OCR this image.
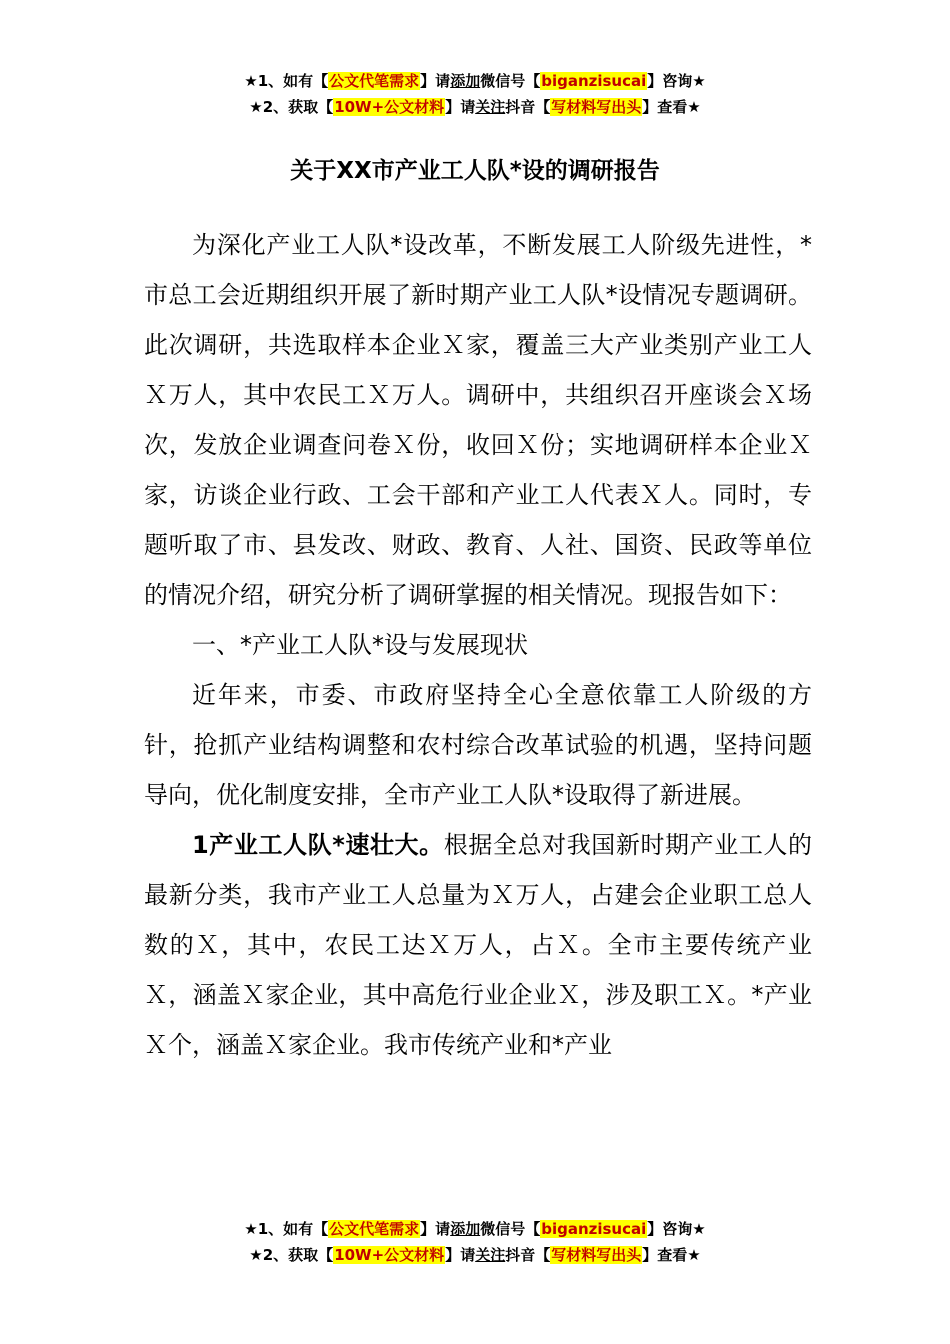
★1、如有【公文代笔需求】请添加微信号【biganzisucai】咨询★
★2、获取【10W+公文材料】请关注抖音【写材料写出头】查看★
关于XX市产业工人队*设的调研报告

为深化产业工人队*设改革，不断发展工人阶级先进性，*市总工会近期组织开展了新时期产业工人队*设情况专题调研。此次调研，共选取样本企业Ｘ家，覆盖三大产业类别产业工人Ｘ万人，其中农民工Ｘ万人。调研中，共组织召开座谈会Ｘ场次，发放企业调查问卷Ｘ份，收回Ｘ份；实地调研样本企业Ｘ家，访谈企业行政、工会干部和产业工人代表Ｘ人。同时，专题听取了市、县发改、财政、教育、人社、国资、民政等单位的情况介绍，研究分析了调研掌握的相关情况。现报告如下：

一、*产业工人队*设与发展现状

近年来，市委、市政府坚持全心全意依靠工人阶级的方针，抢抓产业结构调整和农村综合改革试验的机遇，坚持问题导向，优化制度安排，全市产业工人队*设取得了新进展。

1产业工人队*速壮大。根据全总对我国新时期产业工人的最新分类，我市产业工人总量为Ｘ万人，占建会企业职工总人数的Ｘ，其中，农民工达Ｘ万人，占Ｘ。全市主要传统产业Ｘ，涵盖Ｘ家企业，其中高危行业企业Ｘ，涉及职工Ｘ。*产业Ｘ个，涵盖Ｘ家企业。我市传统产业和*产业

★1、如有【公文代笔需求】请添加微信号【biganzisucai】咨询★
★2、获取【10W+公文材料】请关注抖音【写材料写出头】查看★
